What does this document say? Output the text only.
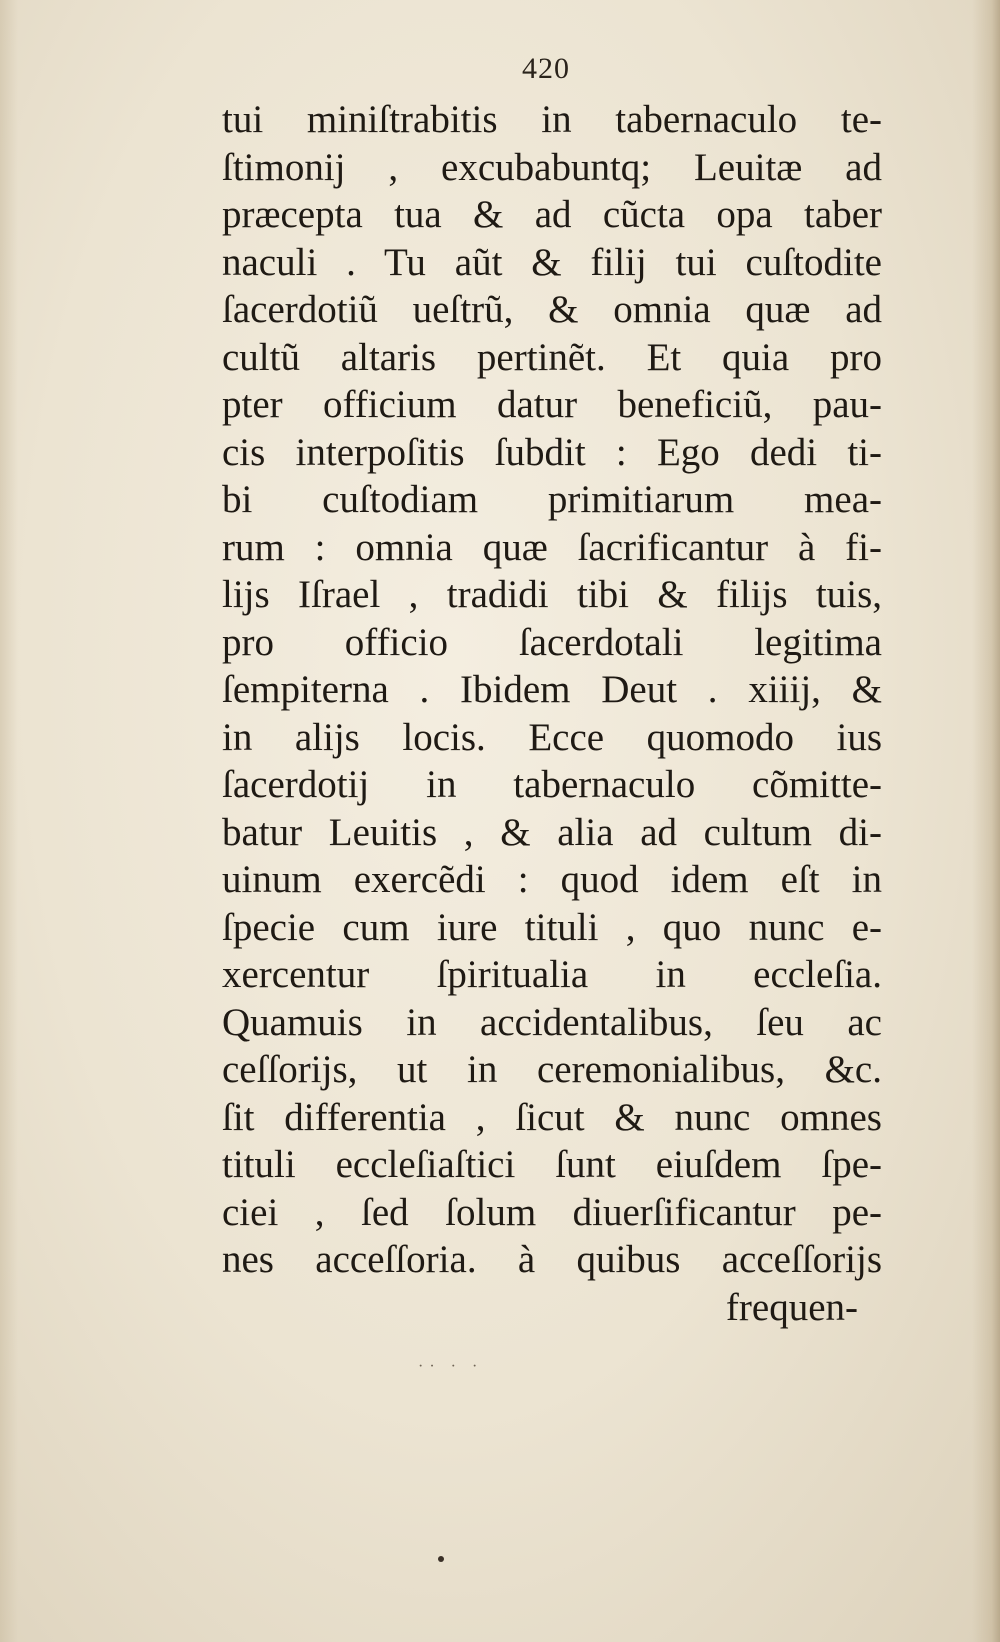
420
tui miniſtrabitis in tabernaculo te-
ſtimonij , excubabuntq; Leuitæ ad
præcepta tua & ad cũcta opa taber
naculi . Tu aũt & filij tui cuſtodite
ſacerdotiũ ueſtrũ, & omnia quæ ad
cultũ altaris pertinẽt. Et quia pro
pter officium datur beneficiũ, pau-
cis interpoſitis ſubdit : Ego dedi ti-
bi cuſtodiam primitiarum mea-
rum : omnia quæ ſacrificantur à fi-
lijs Iſrael , tradidi tibi & filijs tuis,
pro officio ſacerdotali legitima
ſempiterna . Ibidem Deut . xiiij, &
in alijs locis. Ecce quomodo ius
ſacerdotij in tabernaculo cõmitte-
batur Leuitis , & alia ad cultum di-
uinum exercẽdi : quod idem eſt in
ſpecie cum iure tituli , quo nunc e-
xercentur ſpiritualia in eccleſia.
Quamuis in accidentalibus, ſeu ac
ceſſorijs, ut in ceremonialibus, &c.
ſit differentia , ſicut & nunc omnes
tituli eccleſiaſtici ſunt eiuſdem ſpe-
ciei , ſed ſolum diuerſificantur pe-
nes acceſſoria. à quibus acceſſorijs
frequen-
·· · ·
